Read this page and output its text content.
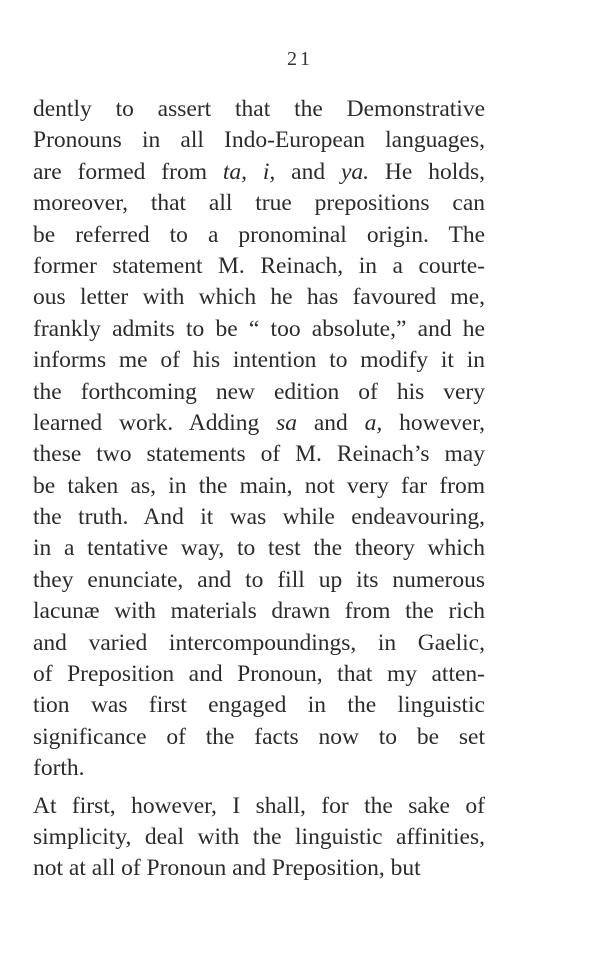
21
dently to assert that the Demonstrative
Pronouns in all Indo-European languages,
are formed from ta, i, and ya. He holds,
moreover, that all true prepositions can
be referred to a pronominal origin. The
former statement M. Reinach, in a courte-
ous letter with which he has favoured me,
frankly admits to be “ too absolute,” and he
informs me of his intention to modify it in
the forthcoming new edition of his very
learned work. Adding sa and a, however,
these two statements of M. Reinach’s may
be taken as, in the main, not very far from
the truth. And it was while endeavouring,
in a tentative way, to test the theory which
they enunciate, and to fill up its numerous
lacunæ with materials drawn from the rich
and varied intercompoundings, in Gaelic,
of Preposition and Pronoun, that my atten-
tion was first engaged in the linguistic
significance of the facts now to be set
forth.
At first, however, I shall, for the sake of
simplicity, deal with the linguistic affinities,
not at all of Pronoun and Preposition, but
